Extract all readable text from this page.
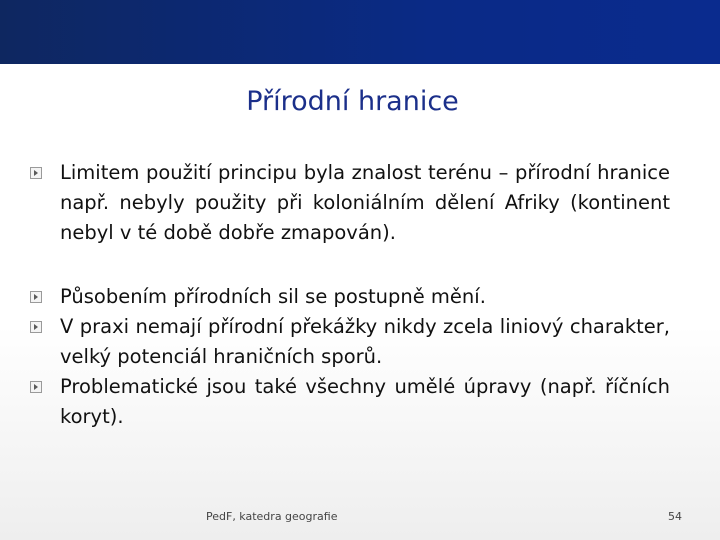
Přírodní hranice
Limitem použití principu byla znalost terénu – přírodní hranice např. nebyly použity při koloniálním dělení Afriky (kontinent nebyl v té době dobře zmapován).
Působením přírodních sil se postupně mění.
V praxi nemají přírodní překážky nikdy zcela liniový charakter, velký potenciál hraničních sporů.
Problematické jsou také všechny umělé úpravy (např. říčních koryt).
PedF, katedra geografie	54
